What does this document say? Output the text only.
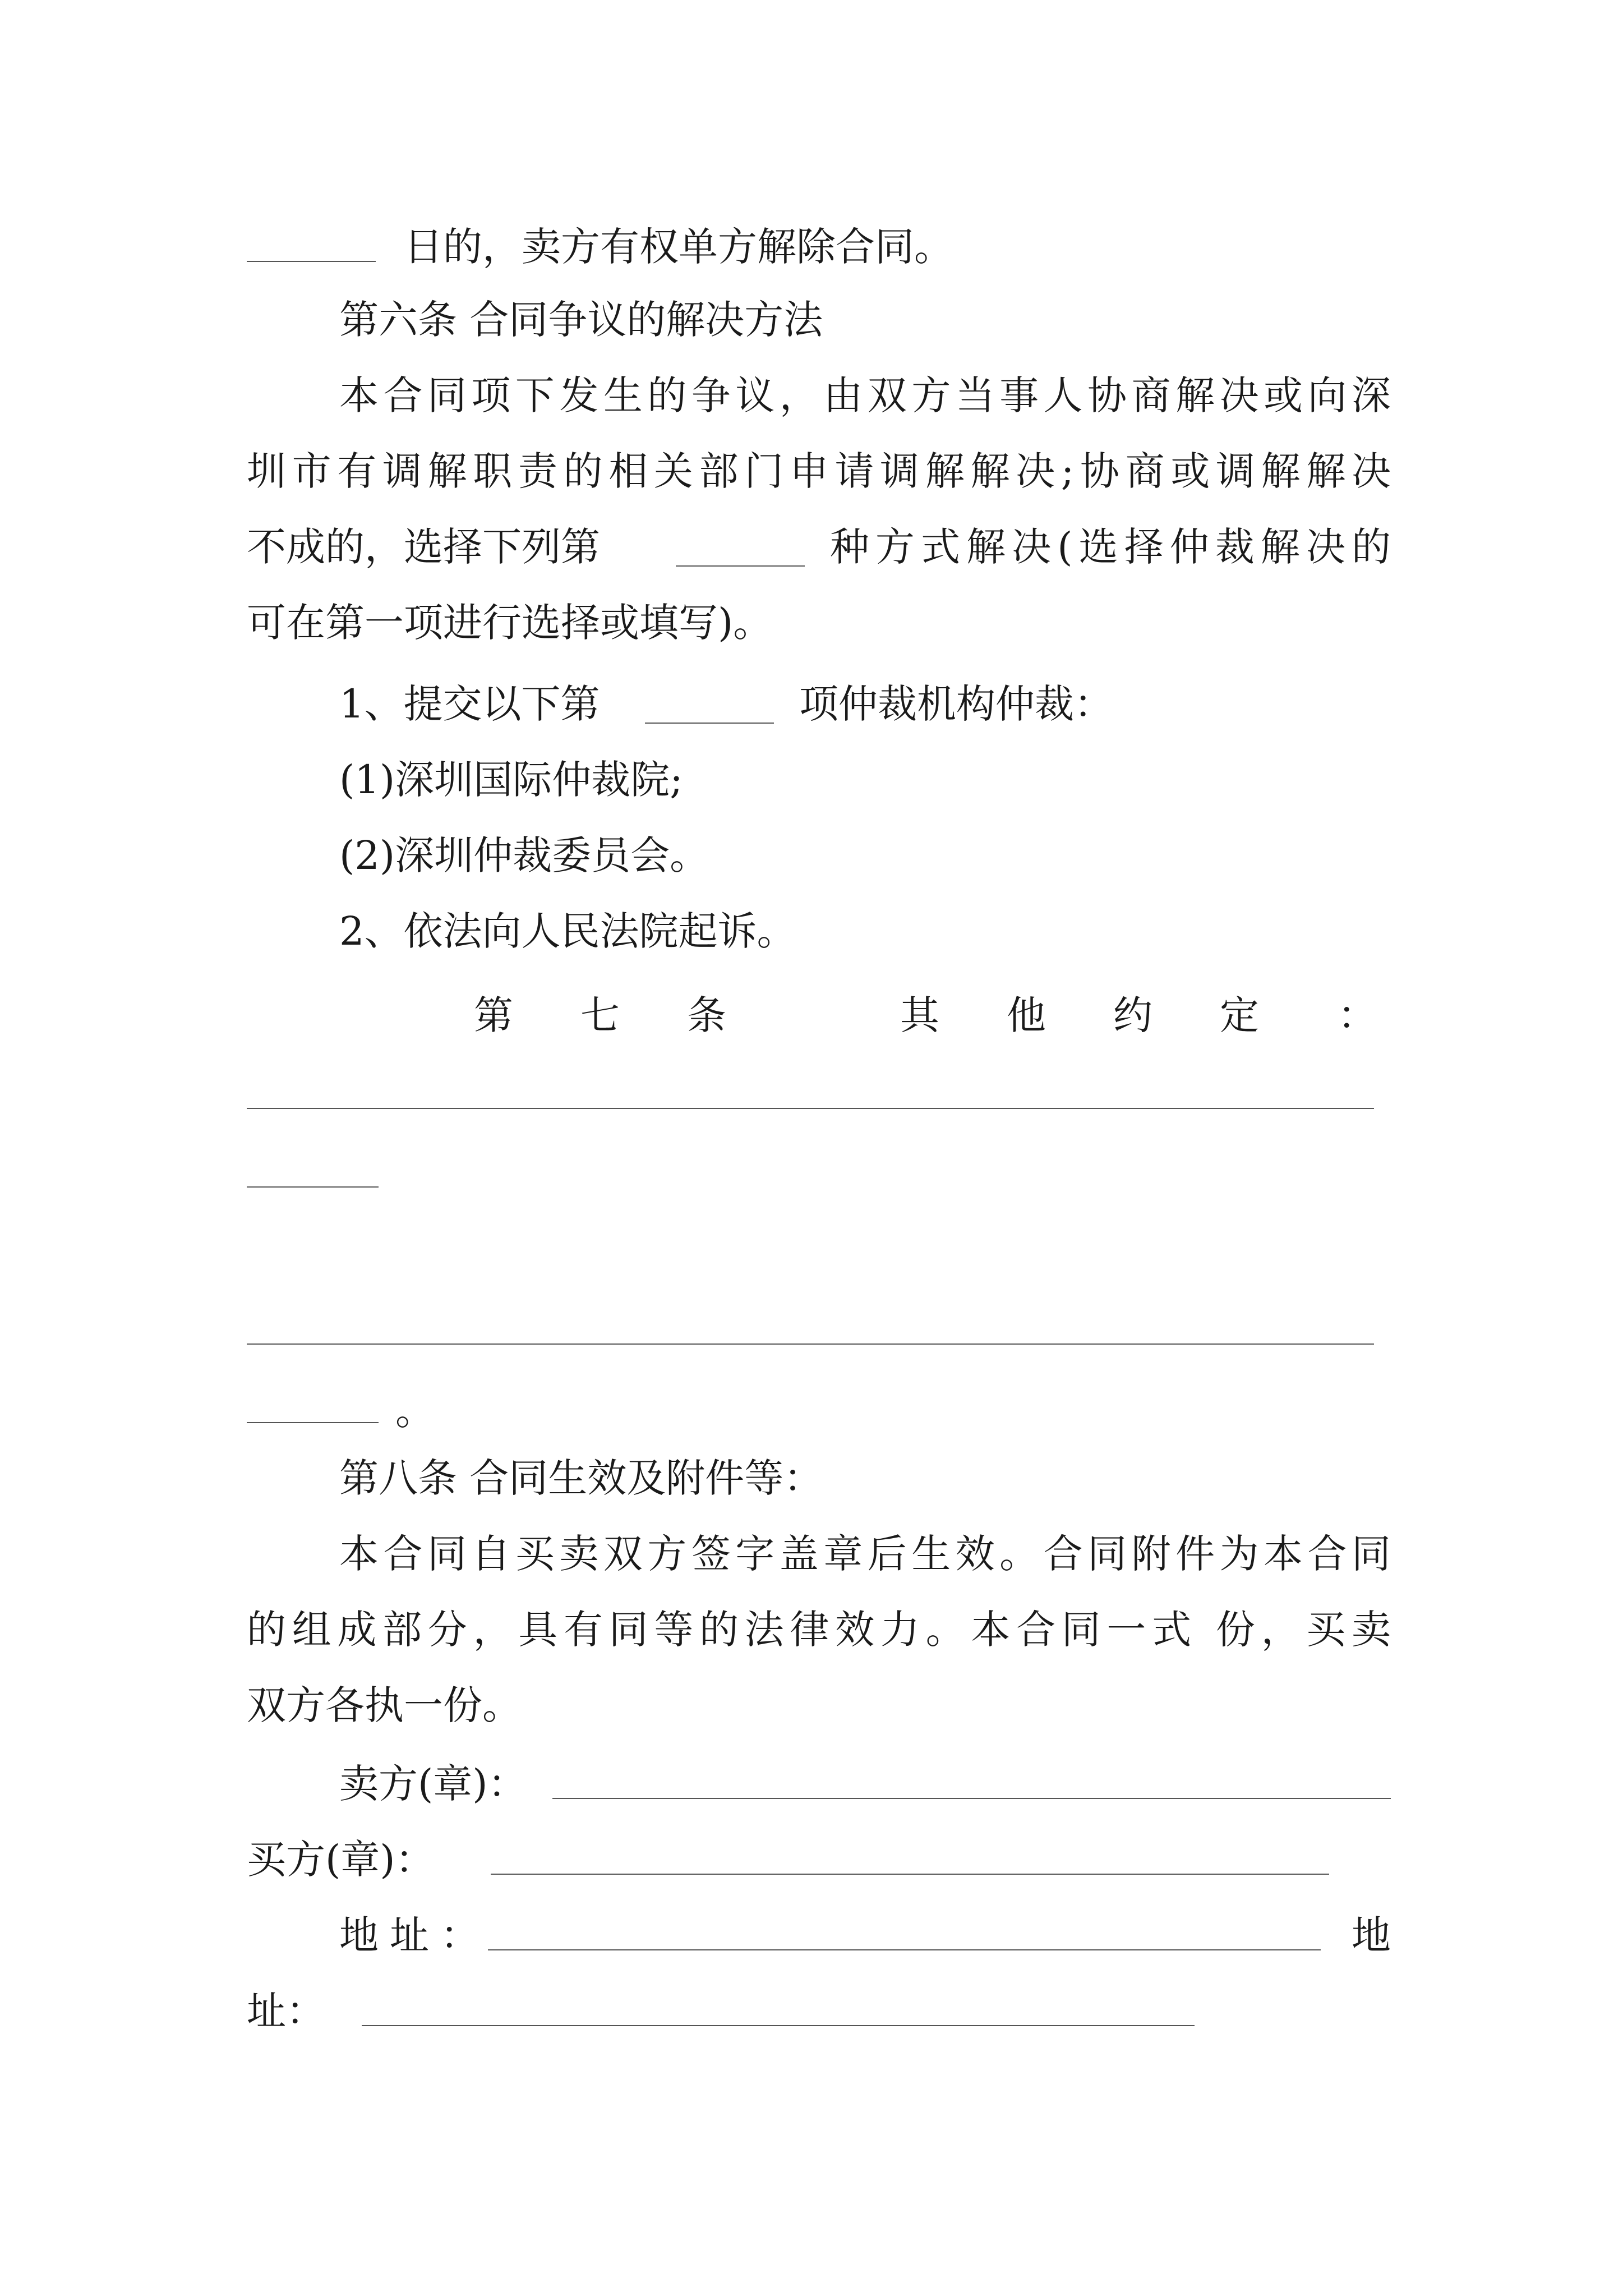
日的，卖方有权单方解除合同。
第六条 合同争议的解决方法
本合同项下发生的争议，由双方当事人协商解决或向深
圳市有调解职责的相关部门申请调解解决;协商或调解解决
不成的，选择下列第	种方式解决(选择仲裁解决的
可在第一项进行选择或填写)。
1、提交以下第	项仲裁机构仲裁：
(1)深圳国际仲裁院;
(2)深圳仲裁委员会。
2、依法向人民法院起诉。
第 七 条	其 他 约 定 ：
。
第八条 合同生效及附件等：
本合同自买卖双方签字盖章后生效。合同附件为本合同
的组成部分，具有同等的法律效力。本合同一式 份，买卖
双方各执一份。
卖方(章)：
买方(章)：
地址：	地
址：
